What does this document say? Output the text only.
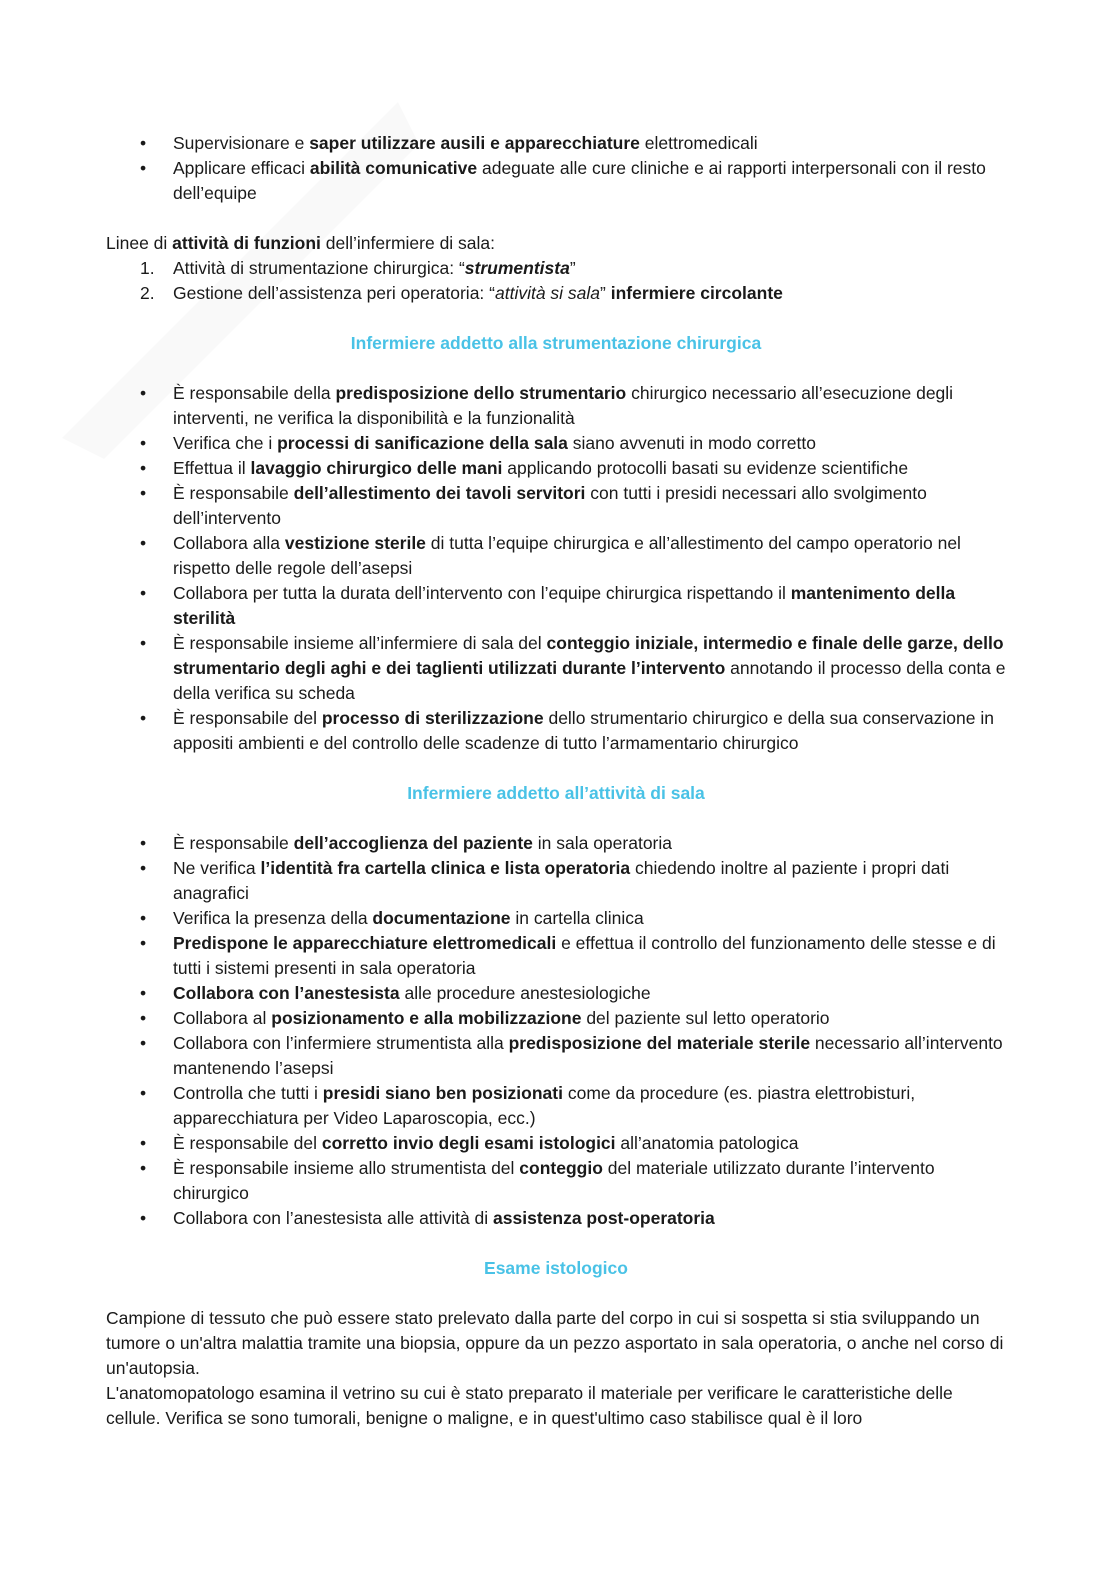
• Supervisionare e saper utilizzare ausili e apparecchiature elettromedicali
• Applicare efficaci abilità comunicative adeguate alle cure cliniche e ai rapporti interpersonali con il resto dell’equipe

Linee di attività di funzioni dell’infermiere di sala:

1. Attività di strumentazione chirurgica: “strumentista”
2. Gestione dell’assistenza peri operatoria: “attività si sala” infermiere circolante
Infermiere addetto alla strumentazione chirurgica
• È responsabile della predisposizione dello strumentario chirurgico necessario all’esecuzione degli interventi, ne verifica la disponibilità e la funzionalità
• Verifica che i processi di sanificazione della sala siano avvenuti in modo corretto
• Effettua il lavaggio chirurgico delle mani applicando protocolli basati su evidenze scientifiche
• È responsabile dell’allestimento dei tavoli servitori con tutti i presidi necessari allo svolgimento dell’intervento
• Collabora alla vestizione sterile di tutta l’equipe chirurgica e all’allestimento del campo operatorio nel rispetto delle regole dell’asepsi
• Collabora per tutta la durata dell’intervento con l’equipe chirurgica rispettando il mantenimento della sterilità
• È responsabile insieme all’infermiere di sala del conteggio iniziale, intermedio e finale delle garze, dello strumentario degli aghi e dei taglienti utilizzati durante l’intervento annotando il processo della conta e della verifica su scheda
• È responsabile del processo di sterilizzazione dello strumentario chirurgico e della sua conservazione in appositi ambienti e del controllo delle scadenze di tutto l’armamentario chirurgico
Infermiere addetto all’attività di sala
• È responsabile dell’accoglienza del paziente in sala operatoria
• Ne verifica l’identità fra cartella clinica e lista operatoria chiedendo inoltre al paziente i propri dati anagrafici
• Verifica la presenza della documentazione in cartella clinica
• Predispone le apparecchiature elettromedicali e effettua il controllo del funzionamento delle stesse e di tutti i sistemi presenti in sala operatoria
• Collabora con l’anestesista alle procedure anestesiologiche
• Collabora al posizionamento e alla mobilizzazione del paziente sul letto operatorio
• Collabora con l’infermiere strumentista alla predisposizione del materiale sterile necessario all’intervento mantenendo l’asepsi
• Controlla che tutti i presidi siano ben posizionati come da procedure (es. piastra elettrobisturi, apparecchiatura per Video Laparoscopia, ecc.)
• È responsabile del corretto invio degli esami istologici all’anatomia patologica
• È responsabile insieme allo strumentista del conteggio del materiale utilizzato durante l’intervento chirurgico
• Collabora con l’anestesista alle attività di assistenza post-operatoria
Esame istologico

Campione di tessuto che può essere stato prelevato dalla parte del corpo in cui si sospetta si stia sviluppando un tumore o un'altra malattia tramite una biopsia, oppure da un pezzo asportato in sala operatoria, o anche nel corso di un'autopsia.

L'anatomopatologo esamina il vetrino su cui è stato preparato il materiale per verificare le caratteristiche delle cellule. Verifica se sono tumorali, benigne o maligne, e in quest'ultimo caso stabilisce qual è il loro
